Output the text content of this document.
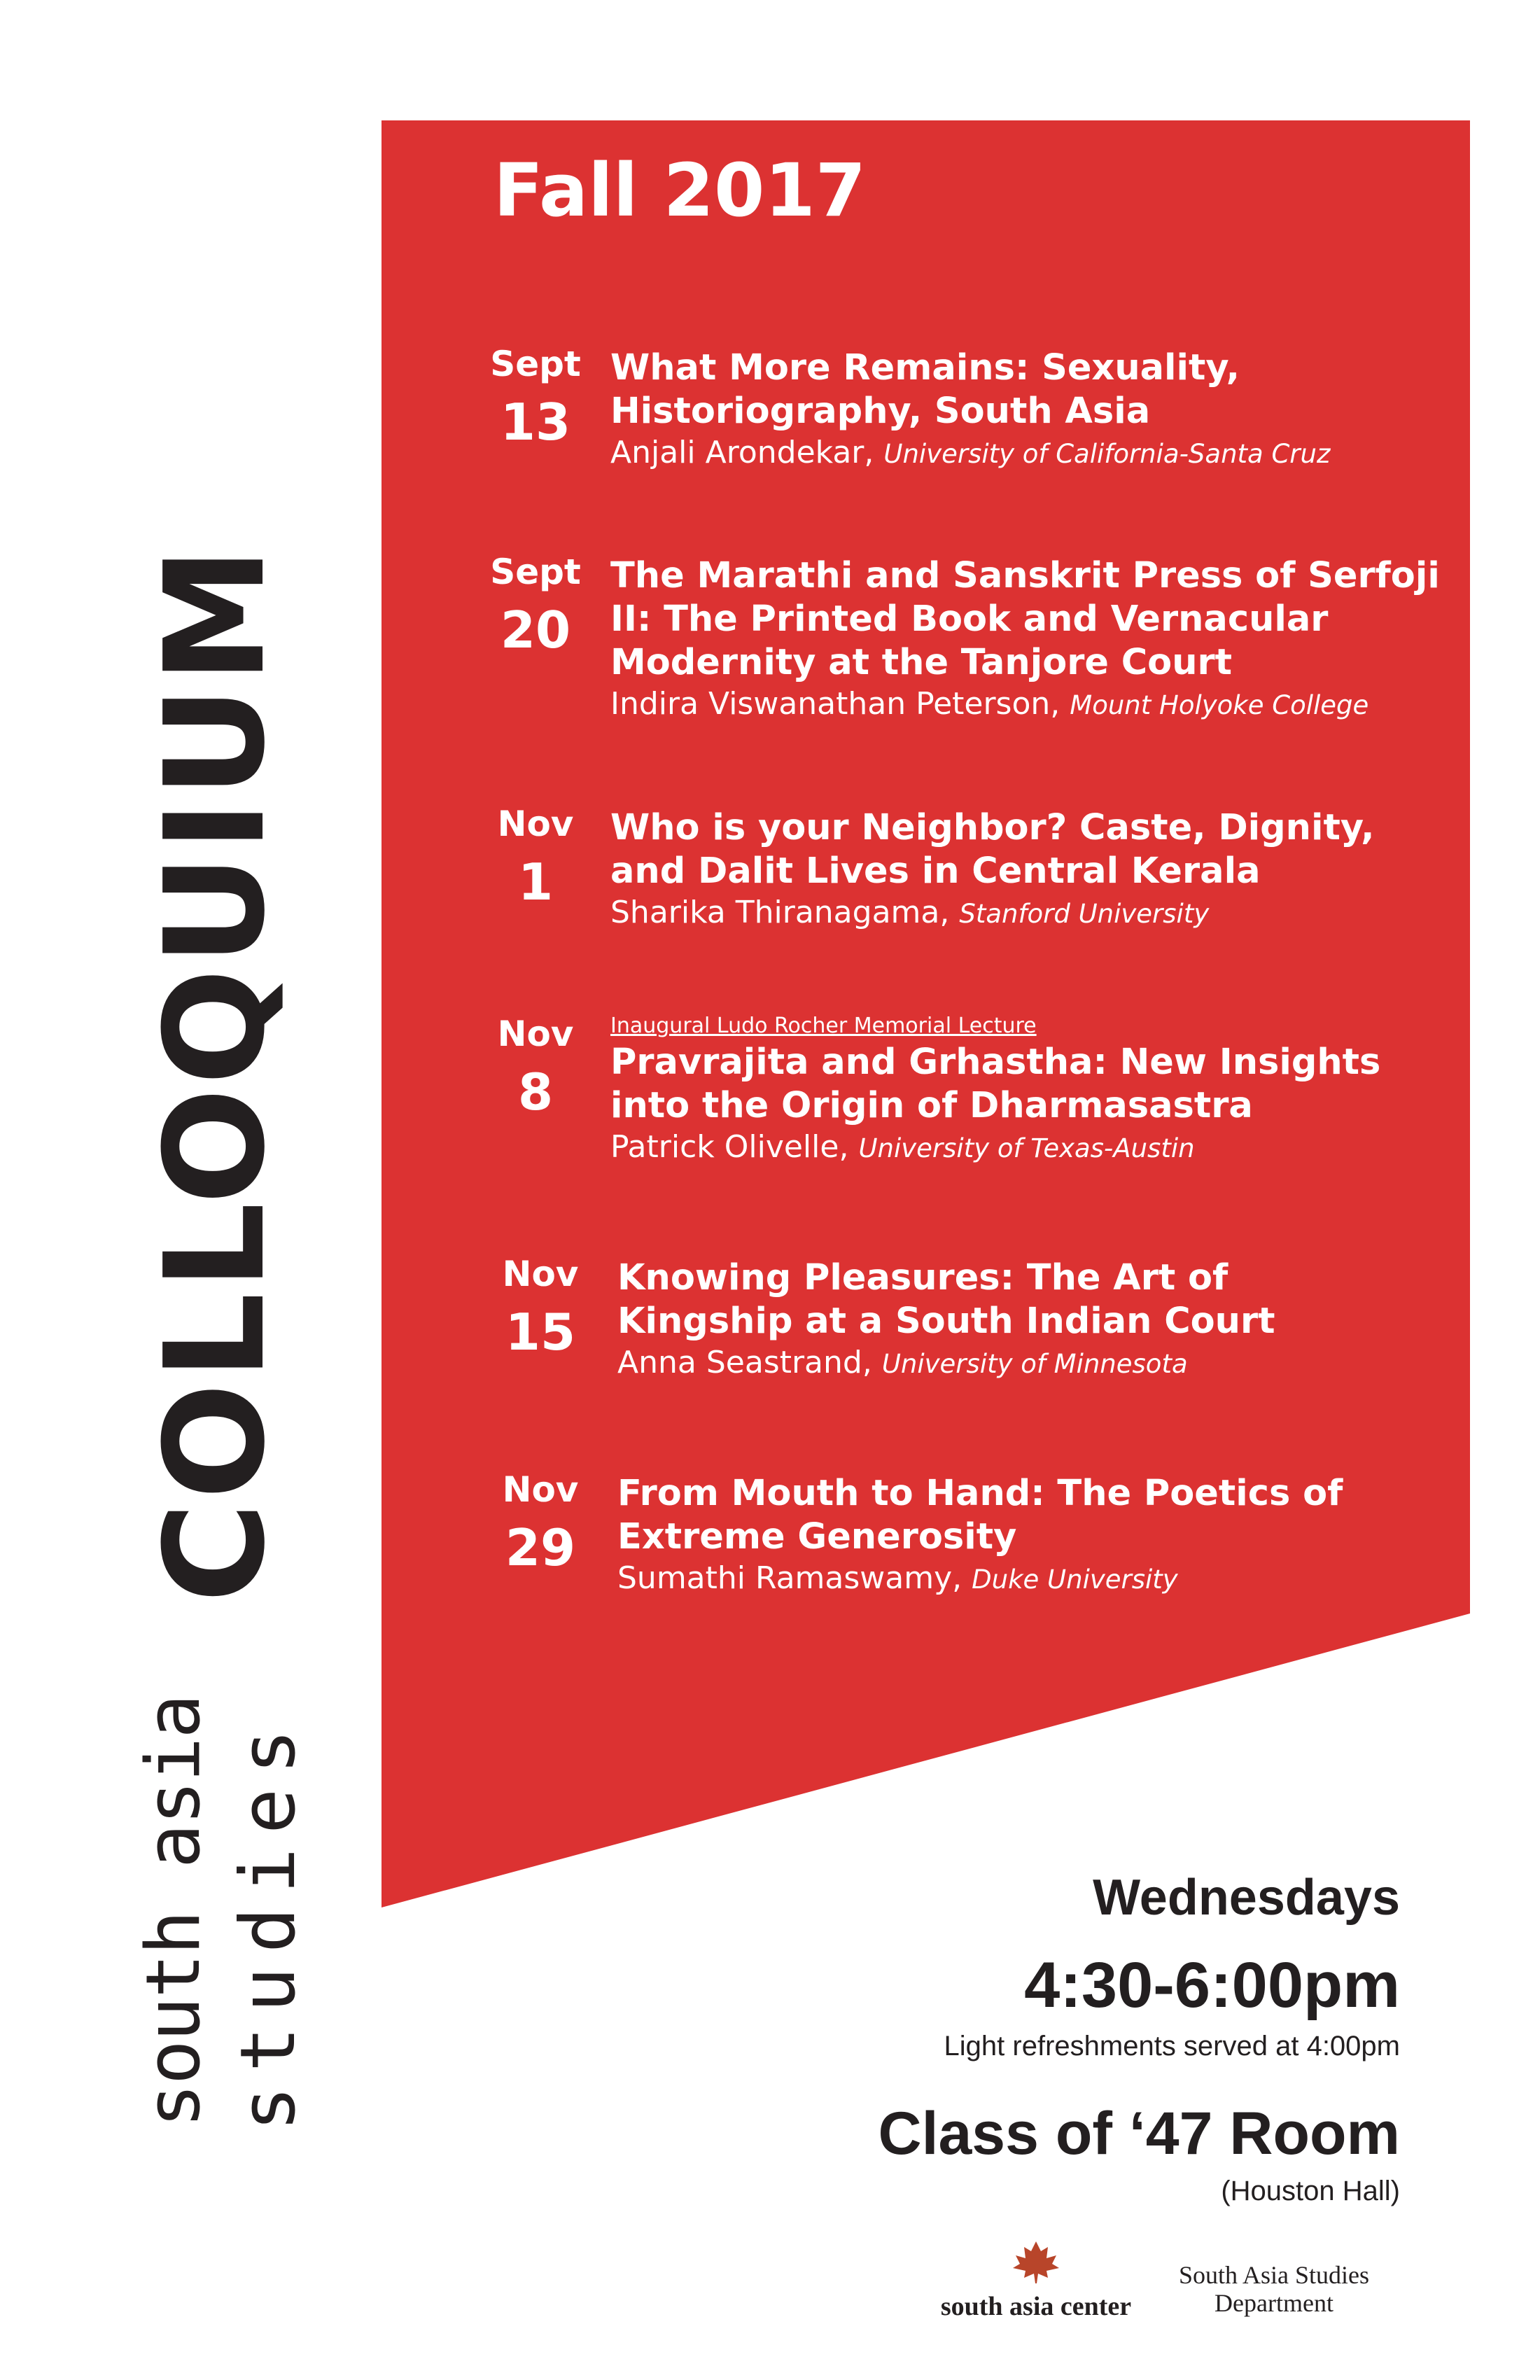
COLLOQUIUM
south asia studies
Fall 2017
Sept
13

What More Remains: Sexuality, Historiography, South Asia

Anjali Arondekar, University of California-Santa Cruz
Sept
20

The Marathi and Sanskrit Press of Serfoji II: The Printed Book and Vernacular Modernity at the Tanjore Court

Indira Viswanathan Peterson, Mount Holyoke College
Nov
1

Who is your Neighbor? Caste, Dignity, and Dalit Lives in Central Kerala

Sharika Thiranagama, Stanford University
Nov
8
Inaugural Ludo Rocher Memorial Lecture

Pravrajita and Grhastha: New Insights into the Origin of Dharmasastra

Patrick Olivelle, University of Texas-Austin
Nov
15

Knowing Pleasures: The Art of Kingship at a South Indian Court

Anna Seastrand, University of Minnesota
Nov
29

From Mouth to Hand: The Poetics of Extreme Generosity

Sumathi Ramaswamy, Duke University
Wednesdays
4:30-6:00pm
Light refreshments served at 4:00pm
Class of ‘47 Room
(Houston Hall)
south asia center
South Asia Studies
Department
